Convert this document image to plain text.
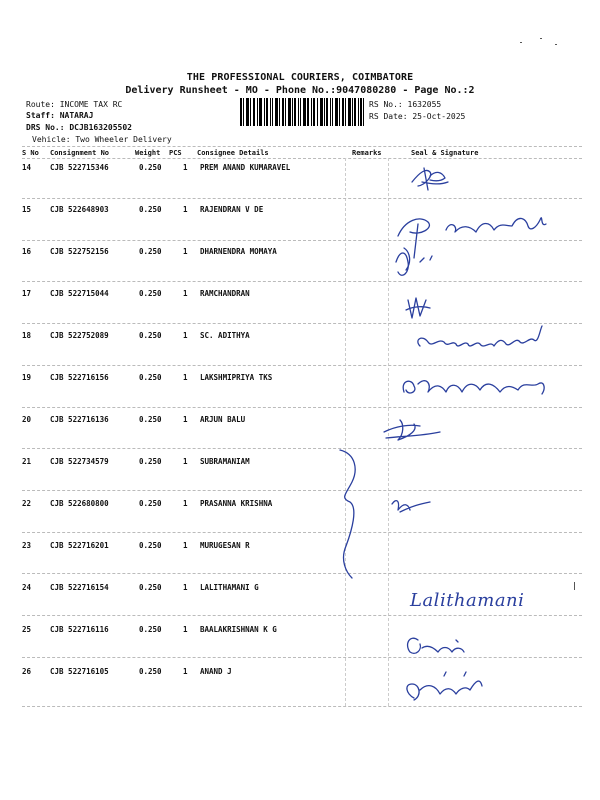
THE PROFESSIONAL COURIERS, COIMBATORE
Delivery Runsheet - MO - Phone No.:9047080280 - Page No.:2
Route: INCOME TAX RC
Staff: NATARAJ
DRS No.: DCJB163205502
Vehicle: Two Wheeler Delivery
RS No.: 1632055
RS Date: 25-Oct-2025
S No Consignment No	Weight PCS Consignee Details	Remarks	Seal & Signature
14	CJB 522715346	0.250	1 PREM ANAND KUMARAVEL
15	CJB 522648903	0.250	1 RAJENDRAN V DE
16	CJB 522752156	0.250	1 DHARNENDRA MOMAYA
17	CJB 522715044	0.250	1 RAMCHANDRAN
18	CJB 522752089	0.250	1 SC. ADITHYA
19	CJB 522716156	0.250	1 LAKSHMIPRIYA TKS
20	CJB 522716136	0.250	1 ARJUN BALU
21	CJB 522734579	0.250	1 SUBRAMANIAM
22	CJB 522680800	0.250	1 PRASANNA KRISHNA
23	CJB 522716201	0.250	1 MURUGESAN R
24	CJB 522716154	0.250	1 LALITHAMANI G
25	CJB 522716116	0.250	1 BAALAKRISHNAN K G
26	CJB 522716105	0.250	1 ANAND J
Lalithamani
